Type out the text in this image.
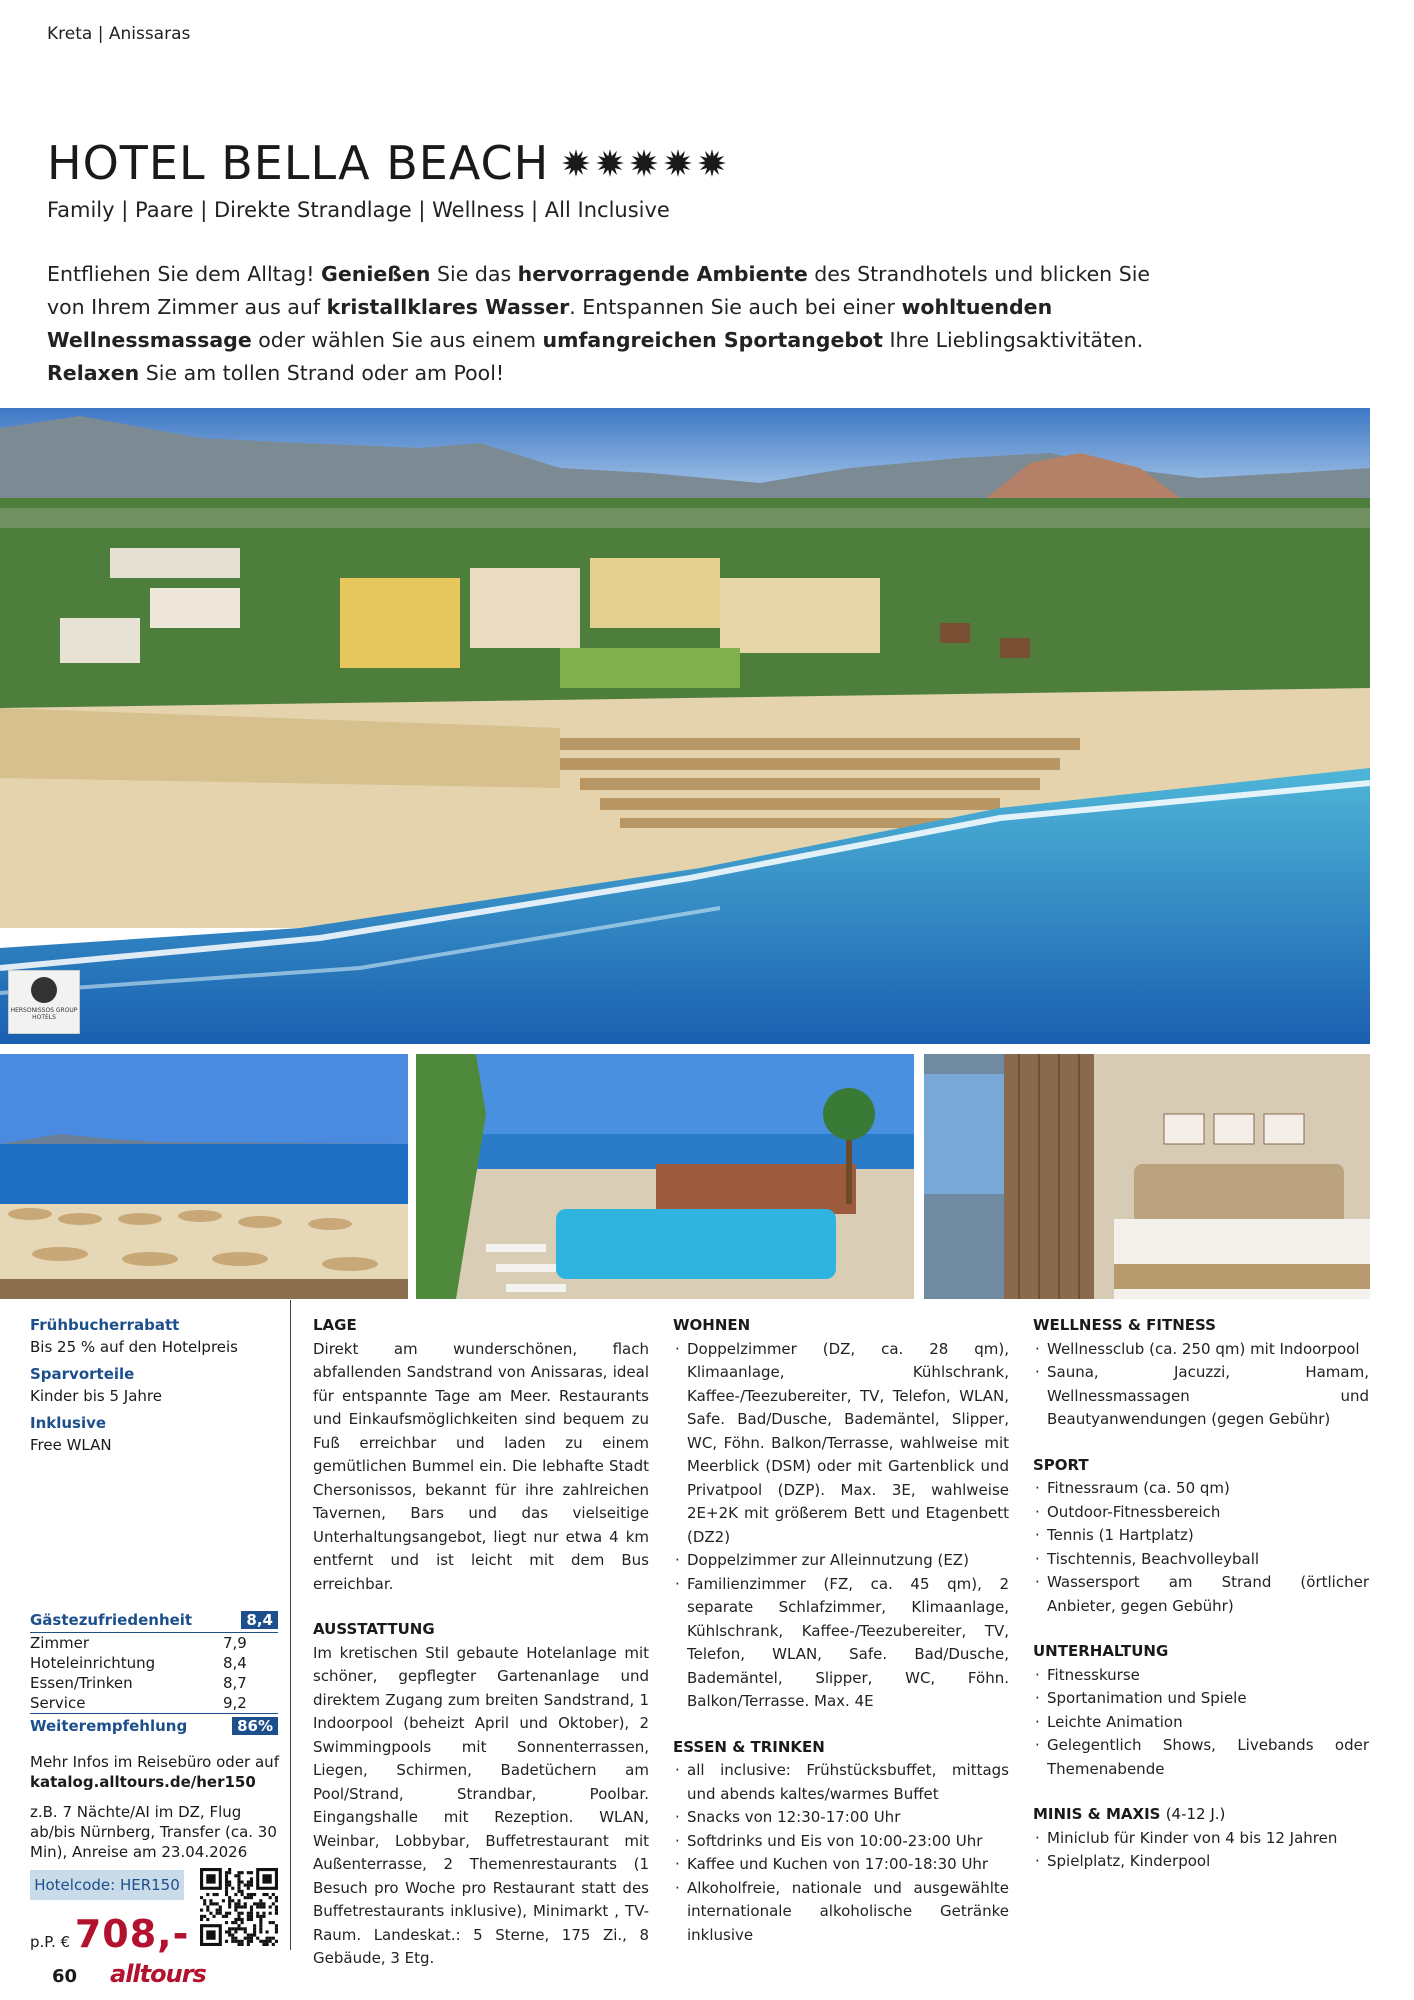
Kreta | Anissaras
HOTEL BELLA BEACH
Family | Paare | Direkte Strandlage | Wellness | All Inclusive
Entfliehen Sie dem Alltag! Genießen Sie das hervorragende Ambiente des Strandhotels und blicken Sie von Ihrem Zimmer aus auf kristallklares Wasser. Entspannen Sie auch bei einer wohltuenden Wellnessmassage oder wählen Sie aus einem umfangreichen Sportangebot Ihre Lieblingsaktivitäten. Relaxen Sie am tollen Strand oder am Pool!
HERSONISSOS GROUP HOTELS
Frühbucherrabatt
Bis 25 % auf den Hotelpreis
Sparvorteile
Kinder bis 5 Jahre
Inklusive
Free WLAN
Gästezufriedenheit	8,4
Zimmer	7,9
Hoteleinrichtung	8,4
Essen/Trinken	8,7
Service	9,2
Weiterempfehlung	86%
Mehr Infos im Reisebüro oder auf
katalog.alltours.de/her150
z.B. 7 Nächte/AI im DZ, Flug ab/bis Nürnberg, Transfer (ca. 30 Min), Anreise am 23.04.2026
Hotelcode: HER150
p.P. € 708,-
60 alltours
LAGE

Direkt am wunderschönen, flach abfallenden Sandstrand von Anissaras, ideal für entspannte Tage am Meer. Restaurants und Einkaufsmöglichkeiten sind bequem zu Fuß erreichbar und laden zu einem gemütlichen Bummel ein. Die lebhafte Stadt Chersonissos, bekannt für ihre zahlreichen Tavernen, Bars und das vielseitige Unterhaltungsangebot, liegt nur etwa 4 km entfernt und ist leicht mit dem Bus erreichbar.

AUSSTATTUNG

Im kretischen Stil gebaute Hotelanlage mit schöner, gepflegter Gartenanlage und direktem Zugang zum breiten Sandstrand, 1 Indoorpool (beheizt April und Oktober), 2 Swimmingpools mit Sonnenterrassen, Liegen, Schirmen, Badetüchern am Pool/Strand, Strandbar, Poolbar. Eingangshalle mit Rezeption. WLAN, Weinbar, Lobbybar, Buffetrestaurant mit Außenterrasse, 2 Themenrestaurants (1 Besuch pro Woche pro Restaurant statt des Buffetrestaurants inklusive), Minimarkt , TV-Raum. Landeskat.: 5 Sterne, 175 Zi., 8 Gebäude, 3 Etg.

WOHNEN
· Doppelzimmer (DZ, ca. 28 qm), Klimaanlage, Kühlschrank, Kaffee-/Teezubereiter, TV, Telefon, WLAN, Safe. Bad/Dusche, Bademäntel, Slipper, WC, Föhn. Balkon/Terrasse, wahlweise mit Meerblick (DSM) oder mit Gartenblick und Privatpool (DZP). Max. 3E, wahlweise 2E+2K mit größerem Bett und Etagenbett (DZ2)
· Doppelzimmer zur Alleinnutzung (EZ)
· Familienzimmer (FZ, ca. 45 qm), 2 separate Schlafzimmer, Klimaanlage, Kühlschrank, Kaffee-/Teezubereiter, TV, Telefon, WLAN, Safe. Bad/Dusche, Bademäntel, Slipper, WC, Föhn. Balkon/Terrasse. Max. 4E
ESSEN & TRINKEN
· all inclusive: Frühstücksbuffet, mittags und abends kaltes/warmes Buffet
· Snacks von 12:30-17:00 Uhr
· Softdrinks und Eis von 10:00-23:00 Uhr
· Kaffee und Kuchen von 17:00-18:30 Uhr
· Alkoholfreie, nationale und ausgewählte internationale alkoholische Getränke inklusive
WELLNESS & FITNESS
· Wellnessclub (ca. 250 qm) mit Indoorpool
· Sauna, Jacuzzi, Hamam, Wellnessmassagen und Beautyanwendungen (gegen Gebühr)
SPORT
· Fitnessraum (ca. 50 qm)
· Outdoor-Fitnessbereich
· Tennis (1 Hartplatz)
· Tischtennis, Beachvolleyball
· Wassersport am Strand (örtlicher Anbieter, gegen Gebühr)
UNTERHALTUNG
· Fitnesskurse
· Sportanimation und Spiele
· Leichte Animation
· Gelegentlich Shows, Livebands oder Themenabende
MINIS & MAXIS (4-12 J.)
· Miniclub für Kinder von 4 bis 12 Jahren
· Spielplatz, Kinderpool
